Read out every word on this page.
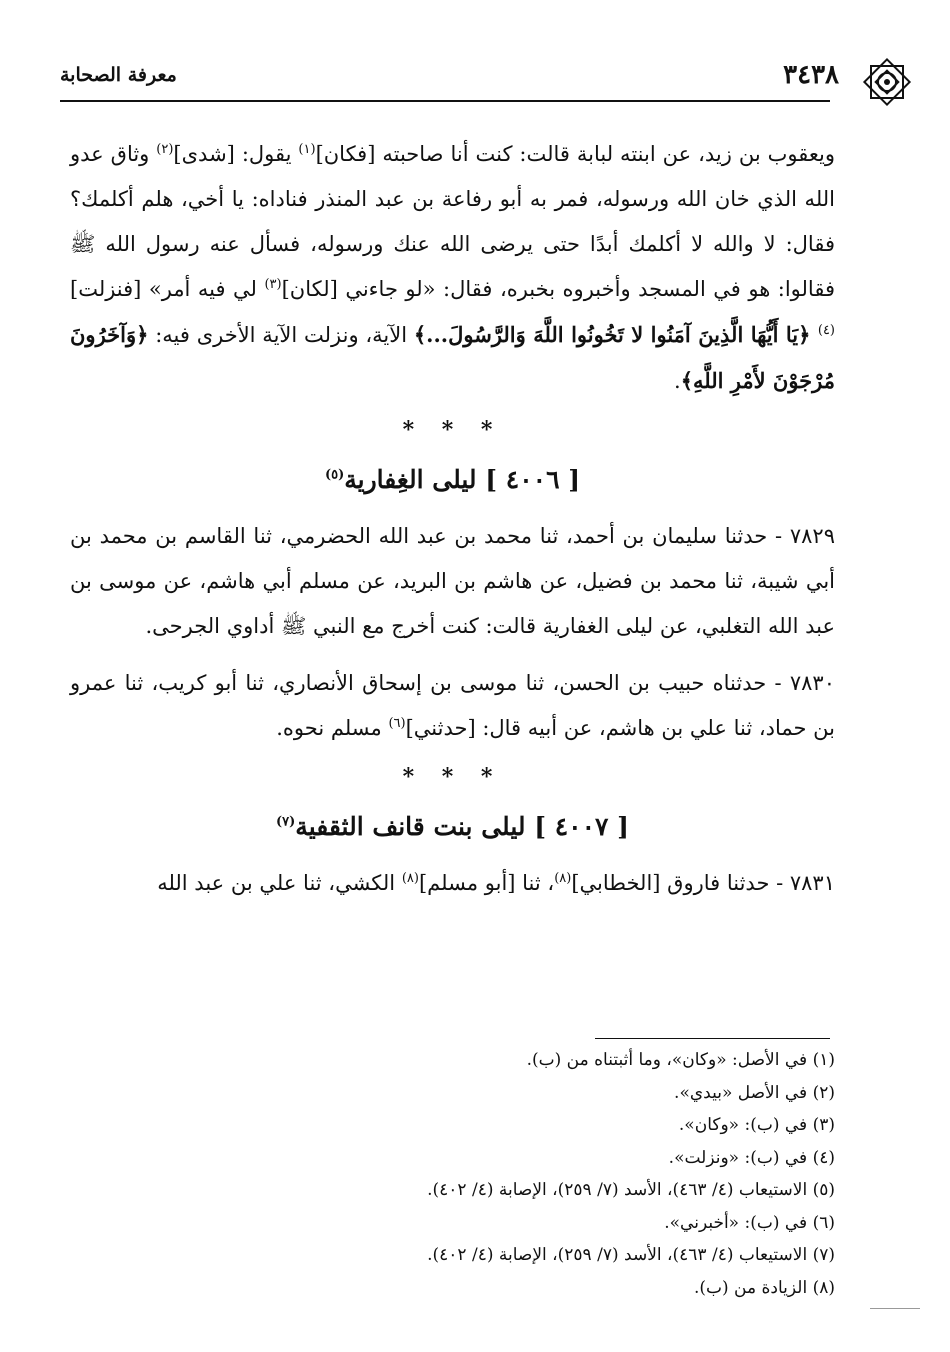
٣٤٣٨
معرفة الصحابة

ويعقوب بن زيد، عن ابنته لبابة قالت: كنت أنا صاحبته [فكان]$^{(١)}$ يقول: [شدى]$^{(٢)}$ وثاق عدو الله الذي خان الله ورسوله، فمر به أبو رفاعة بن عبد المنذر فناداه: يا أخي، هلم أكلمك؟ فقال: لا والله لا أكلمك أبدًا حتى يرضى الله عنك ورسوله، فسأل عنه رسول الله ﷺ فقالوا: هو في المسجد وأخبروه بخبره، فقال: «لو جاءني [لكان]$^{(٣)}$ لي فيه أمر» [فنزلت]$^{(٤)}$ ﴿يَا أَيُّهَا الَّذِينَ آمَنُوا لا تَخُونُوا اللَّهَ وَالرَّسُولَ...﴾ الآية، ونزلت الآية الأخرى فيه: ﴿وَآخَرُونَ مُرْجَوْنَ لأَمْرِ اللَّهِ﴾.

* * *
[ ٤٠٠٦ ] ليلى الغِفارية$^{(٥)}$

٧٨٢٩ - حدثنا سليمان بن أحمد، ثنا محمد بن عبد الله الحضرمي، ثنا القاسم بن محمد بن أبي شيبة، ثنا محمد بن فضيل، عن هاشم بن البريد، عن مسلم أبي هاشم، عن موسى بن عبد الله التغلبي، عن ليلى الغفارية قالت: كنت أخرج مع النبي ﷺ أداوي الجرحى.

٧٨٣٠ - حدثناه حبيب بن الحسن، ثنا موسى بن إسحاق الأنصاري، ثنا أبو كريب، ثنا عمرو بن حماد، ثنا علي بن هاشم، عن أبيه قال: [حدثني]$^{(٦)}$ مسلم نحوه.

* * *
[ ٤٠٠٧ ] ليلى بنت قانف الثقفية$^{(٧)}$

٧٨٣١ - حدثنا فاروق [الخطابي]$^{(٨)}$، ثنا [أبو مسلم]$^{(٨)}$ الكشي، ثنا علي بن عبد الله

(١) في الأصل: «وكان»، وما أثبتناه من (ب).
(٢) في الأصل «بيدي».
(٣) في (ب): «وكان».
(٤) في (ب): «ونزلت».
(٥) الاستيعاب (٤/ ٤٦٣)، الأسد (٧/ ٢٥٩)، الإصابة (٤/ ٤٠٢).
(٦) في (ب): «أخبرني».
(٧) الاستيعاب (٤/ ٤٦٣)، الأسد (٧/ ٢٥٩)، الإصابة (٤/ ٤٠٢).
(٨) الزيادة من (ب).
